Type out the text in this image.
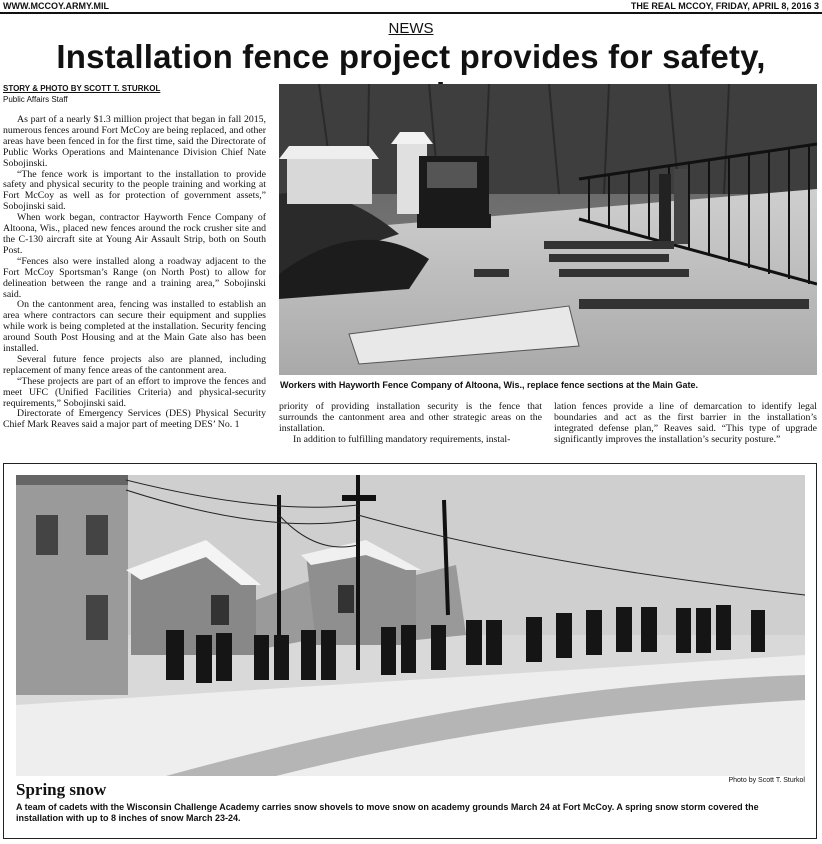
WWW.MCCOY.ARMY.MIL	THE REAL MCCOY, FRIDAY, APRIL 8, 2016 3
NEWS
Installation fence project provides for safety,
STORY & PHOTO BY SCOTT T. STURKOL
Public Affairs Staff

As part of a nearly $1.3 million project that began in fall 2015, numerous fences around Fort McCoy are being replaced, and other areas have been fenced in for the first time, said the Directorate of Public Works Operations and Maintenance Division Chief Nate Sobojinski.

“The fence work is important to the installation to provide safety and physical security to the people training and working at Fort McCoy as well as for protection of government assets,” Sobojinski said.

When work began, contractor Hayworth Fence Company of Altoona, Wis., placed new fences around the rock crusher site and the C-130 aircraft site at Young Air Assault Strip, both on South Post.

“Fences also were installed along a roadway adjacent to the Fort McCoy Sportsman’s Range (on North Post) to allow for delineation between the range and a training area,” Sobojinski said.

On the cantonment area, fencing was installed to establish an area where contractors can secure their equipment and supplies while work is being completed at the installation. Security fencing around South Post Housing and at the Main Gate also has been installed.

Several future fence projects also are planned, including replacement of many fence areas of the cantonment area.

“These projects are part of an effort to improve the fences and meet UFC (Unified Facilities Criteria) and physical-security requirements,” Sobojinski said.

Directorate of Emergency Services (DES) Physical Security Chief Mark Reaves said a major part of meeting DES’ No. 1

Workers with Hayworth Fence Company of Altoona, Wis., replace fence sections at the Main Gate.

priority of providing installation security is the fence that surrounds the cantonment area and other strategic areas on the installation.

In addition to fulfilling mandatory requirements, instal-

lation fences provide a line of demarcation to identify legal boundaries and act as the first barrier in the installation’s integrated defense plan,” Reaves said. “This type of upgrade significantly improves the installation’s security posture.”

Photo by Scott T. Sturkol
Spring snow
A team of cadets with the Wisconsin Challenge Academy carries snow shovels to move snow on academy grounds March 24 at Fort McCoy. A spring snow storm covered the installation with up to 8 inches of snow March 23-24.
